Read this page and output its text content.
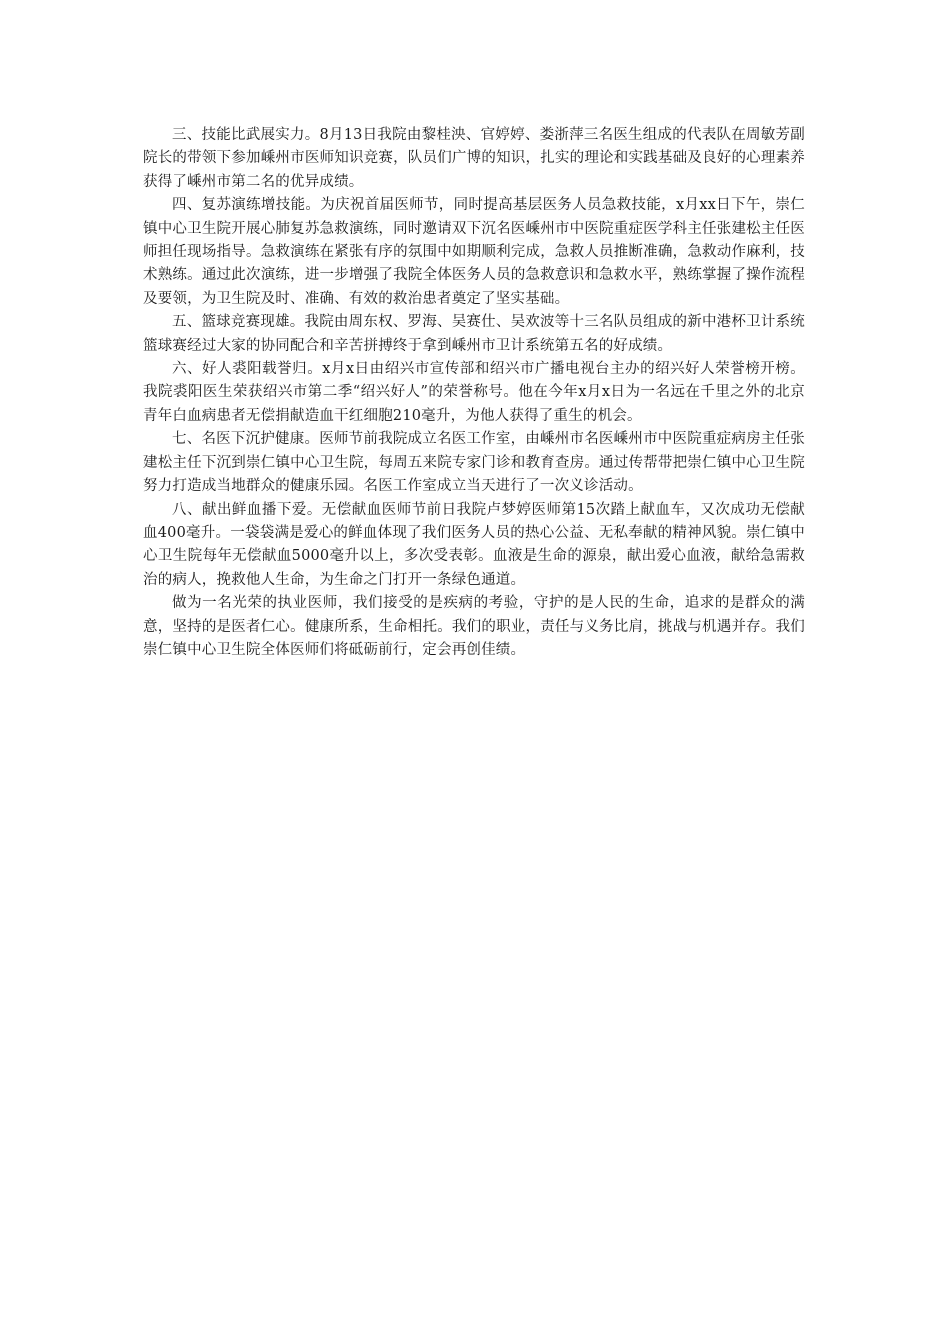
三、技能比武展实力。8月13日我院由黎桂泱、官婷婷、娄浙萍三名医生组成的代表队在周敏芳副院长的带领下参加嵊州市医师知识竞赛，队员们广博的知识，扎实的理论和实践基础及良好的心理素养获得了嵊州市第二名的优异成绩。

四、复苏演练增技能。为庆祝首届医师节，同时提高基层医务人员急救技能，x月xx日下午，崇仁镇中心卫生院开展心肺复苏急救演练，同时邀请双下沉名医嵊州市中医院重症医学科主任张建松主任医师担任现场指导。急救演练在紧张有序的氛围中如期顺利完成，急救人员推断准确，急救动作麻利，技术熟练。通过此次演练，进一步增强了我院全体医务人员的急救意识和急救水平，熟练掌握了操作流程及要领，为卫生院及时、准确、有效的救治患者奠定了坚实基础。

五、篮球竞赛现雄。我院由周东权、罗海、吴赛仕、吴欢波等十三名队员组成的新中港杯卫计系统篮球赛经过大家的协同配合和辛苦拼搏终于拿到嵊州市卫计系统第五名的好成绩。

六、好人裘阳载誉归。x月x日由绍兴市宣传部和绍兴市广播电视台主办的绍兴好人荣誉榜开榜。我院裘阳医生荣获绍兴市第二季“绍兴好人”的荣誉称号。他在今年x月x日为一名远在千里之外的北京青年白血病患者无偿捐献造血干红细胞210毫升，为他人获得了重生的机会。

七、名医下沉护健康。医师节前我院成立名医工作室，由嵊州市名医嵊州市中医院重症病房主任张建松主任下沉到崇仁镇中心卫生院，每周五来院专家门诊和教育查房。通过传帮带把崇仁镇中心卫生院努力打造成当地群众的健康乐园。名医工作室成立当天进行了一次义诊活动。

八、献出鲜血播下爱。无偿献血医师节前日我院卢梦婷医师第15次踏上献血车，又次成功无偿献血400毫升。一袋袋满是爱心的鲜血体现了我们医务人员的热心公益、无私奉献的精神风貌。崇仁镇中心卫生院每年无偿献血5000毫升以上，多次受表彰。血液是生命的源泉，献出爱心血液，献给急需救治的病人，挽救他人生命，为生命之门打开一条绿色通道。

做为一名光荣的执业医师，我们接受的是疾病的考验，守护的是人民的生命，追求的是群众的满意，坚持的是医者仁心。健康所系，生命相托。我们的职业，责任与义务比肩，挑战与机遇并存。我们崇仁镇中心卫生院全体医师们将砥砺前行，定会再创佳绩。
